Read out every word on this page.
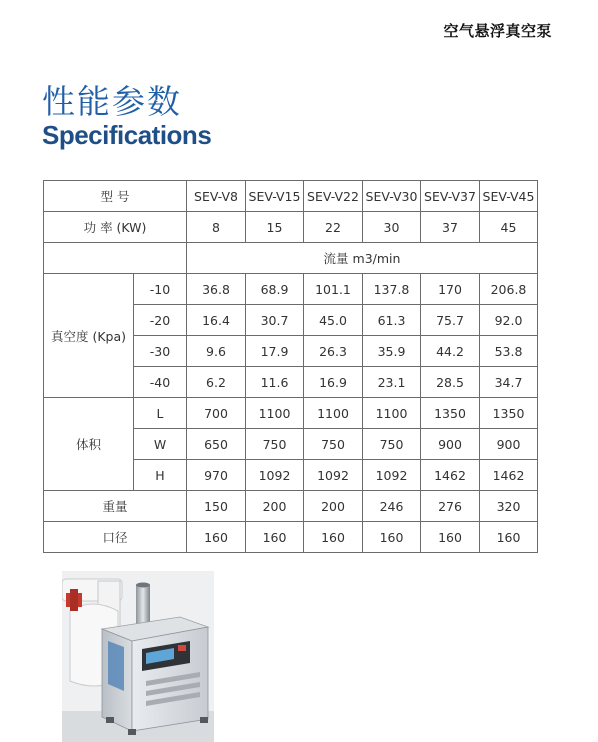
空气悬浮真空泵
性能参数
Specifications
型 号		SEV-V8	SEV-V15	SEV-V22	SEV-V30	SEV-V37	SEV-V45
功 率 (KW)		8	15	22	30	37	45
		流量 m3/min					
真空度 (Kpa)	-10	36.8	68.9	101.1	137.8	170	206.8
	-20	16.4	30.7	45.0	61.3	75.7	92.0
	-30	9.6	17.9	26.3	35.9	44.2	53.8
	-40	6.2	11.6	16.9	23.1	28.5	34.7
体积	L	700	1100	1100	1100	1350	1350
	W	650	750	750	750	900	900
	H	970	1092	1092	1092	1462	1462
重量		150	200	200	246	276	320
口径		160	160	160	160	160	160
